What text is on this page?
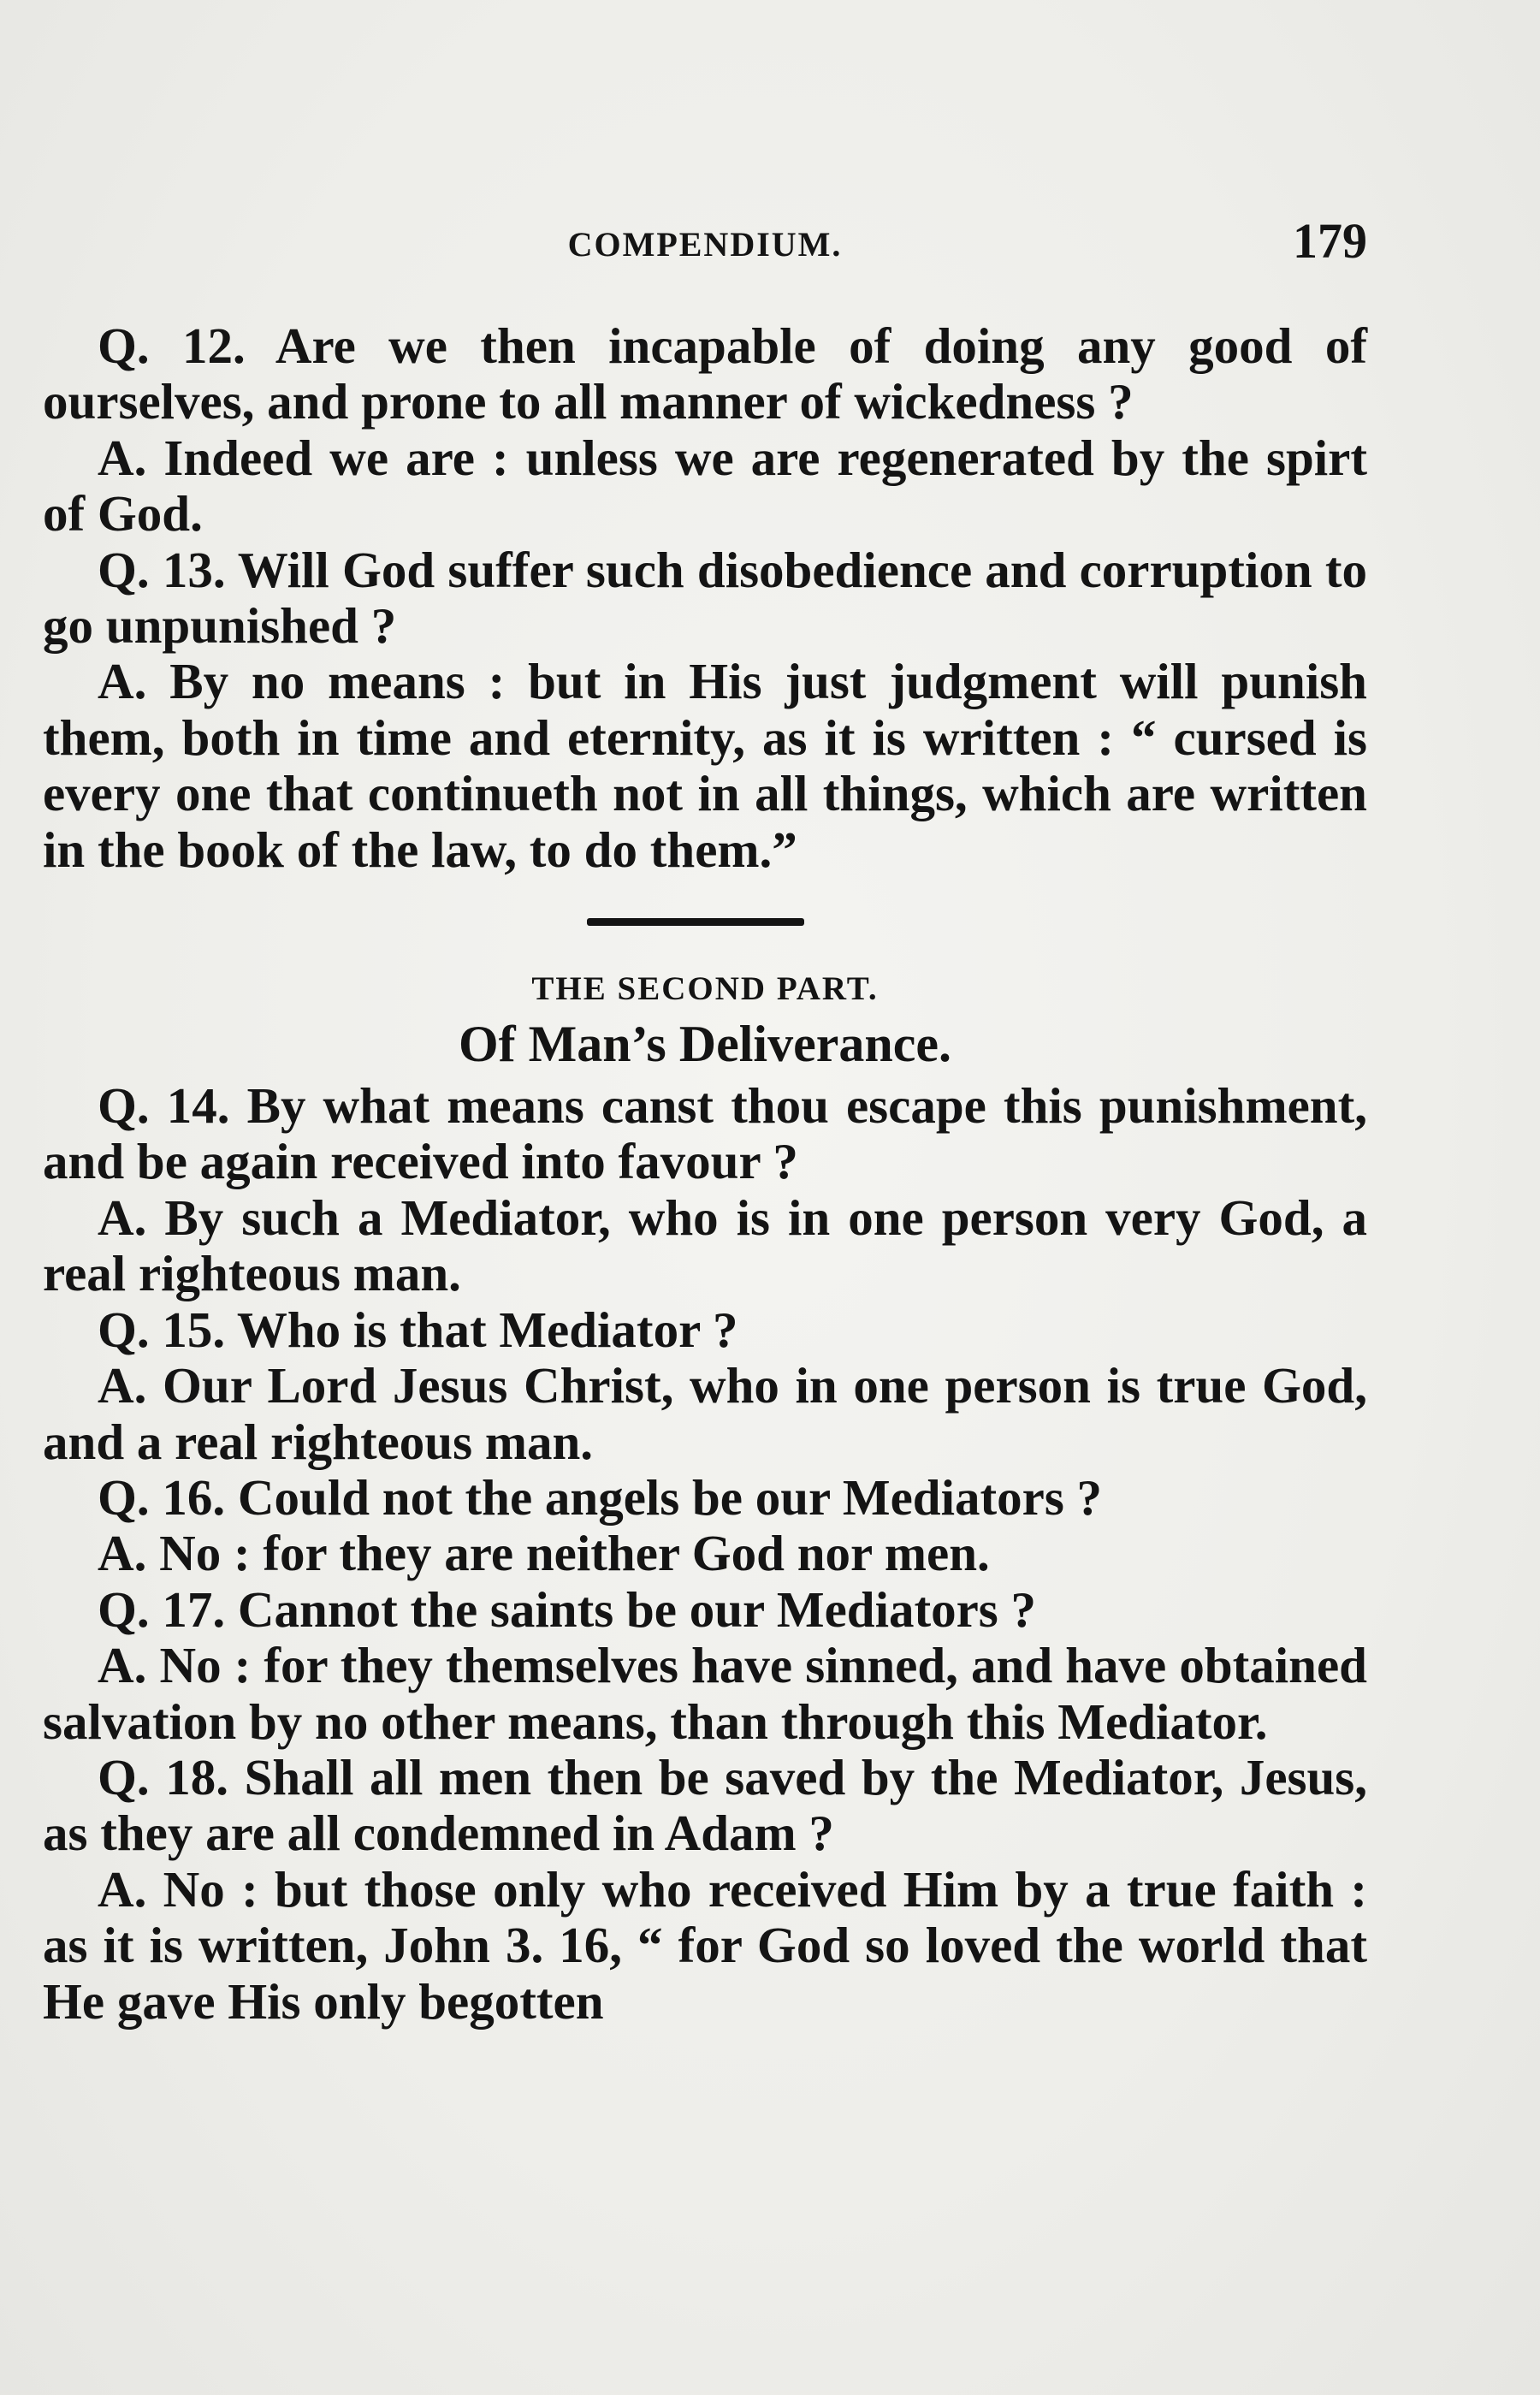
COMPENDIUM.	179

Q. 12. Are we then incapable of doing any good of ourselves, and prone to all manner of wickedness ?

A. Indeed we are : unless we are regenerated by the spirt of God.

Q. 13. Will God suffer such disobedience and corruption to go unpunished ?

A. By no means : but in His just judgment will punish them, both in time and eternity, as it is written : “ cursed is every one that continueth not in all things, which are written in the book of the law, to do them.”

THE SECOND PART.
Of Man’s Deliverance.

Q. 14. By what means canst thou escape this punishment, and be again received into favour ?

A. By such a Mediator, who is in one person very God, a real righteous man.

Q. 15. Who is that Mediator ?

A. Our Lord Jesus Christ, who in one person is true God, and a real righteous man.

Q. 16. Could not the angels be our Mediators ?

A. No : for they are neither God nor men.

Q. 17. Cannot the saints be our Mediators ?

A. No : for they themselves have sinned, and have obtained salvation by no other means, than through this Mediator.

Q. 18. Shall all men then be saved by the Mediator, Jesus, as they are all condemned in Adam ?

A. No : but those only who received Him by a true faith : as it is written, John 3. 16, “ for God so loved the world that He gave His only begotten
